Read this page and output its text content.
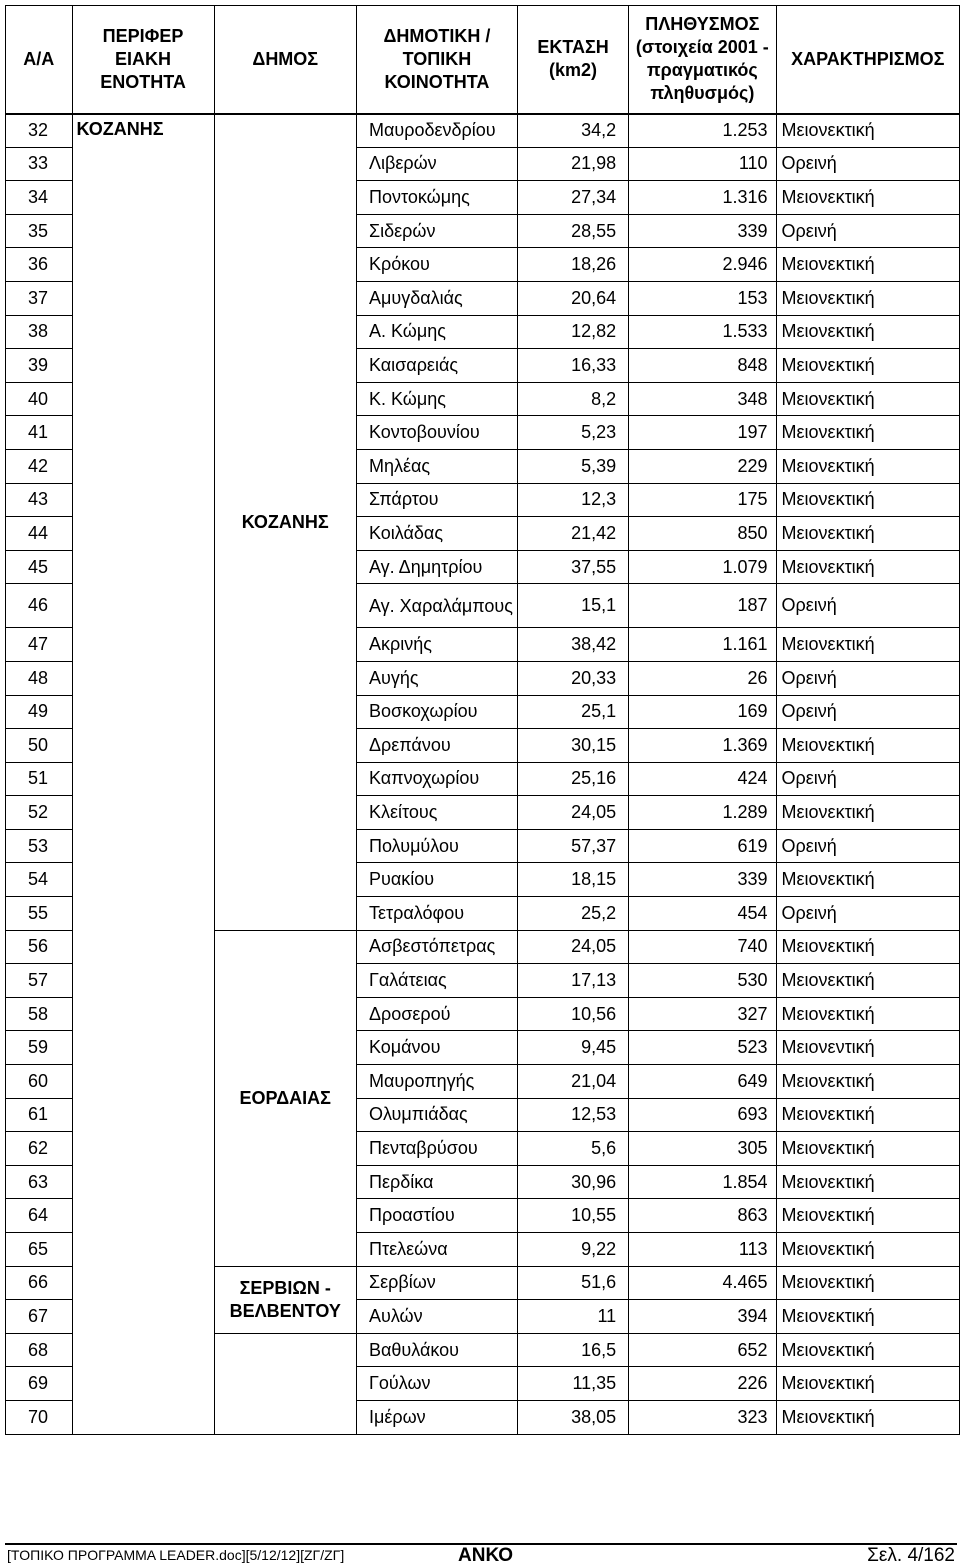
Α/Α	ΠΕΡΙΦΕΡ ΕΙΑΚΗ ΕΝΟΤΗΤΑ	ΔΗΜΟΣ	ΔΗΜΟΤΙΚΗ / ΤΟΠΙΚΗ ΚΟΙΝΟΤΗΤΑ	ΕΚΤΑΣΗ (km2)	ΠΛΗΘΥΣΜΟΣ (στοιχεία 2001 - πραγματικός πληθυσμός)	ΧΑΡΑΚΤΗΡΙΣΜΟΣ
32	ΚΟΖΑΝΗΣ	ΚΟΖΑΝΗΣ	Μαυροδενδρίου	34,2	1.253	Μειονεκτική
33			Λιβερών	21,98	110	Ορεινή
34			Ποντοκώμης	27,34	1.316	Μειονεκτική
35			Σιδερών	28,55	339	Ορεινή
36			Κρόκου	18,26	2.946	Μειονεκτική
37			Αμυγδαλιάς	20,64	153	Μειονεκτική
38			Α. Κώμης	12,82	1.533	Μειονεκτική
39			Καισαρειάς	16,33	848	Μειονεκτική
40			Κ. Κώμης	8,2	348	Μειονεκτική
41			Κοντοβουνίου	5,23	197	Μειονεκτική
42			Μηλέας	5,39	229	Μειονεκτική
43			Σπάρτου	12,3	175	Μειονεκτική
44			Κοιλάδας	21,42	850	Μειονεκτική
45			Αγ. Δημητρίου	37,55	1.079	Μειονεκτική
46			Αγ. Χαραλάμπους	15,1	187	Ορεινή
47			Ακρινής	38,42	1.161	Μειονεκτική
48			Αυγής	20,33	26	Ορεινή
49			Βοσκοχωρίου	25,1	169	Ορεινή
50			Δρεπάνου	30,15	1.369	Μειονεκτική
51			Καπνοχωρίου	25,16	424	Ορεινή
52			Κλείτους	24,05	1.289	Μειονεκτική
53			Πολυμύλου	57,37	619	Ορεινή
54			Ρυακίου	18,15	339	Μειονεκτική
55			Τετραλόφου	25,2	454	Ορεινή
56		ΕΟΡΔΑΙΑΣ	Ασβεστόπετρας	24,05	740	Μειονεκτική
57			Γαλάτειας	17,13	530	Μειονεκτική
58			Δροσερού	10,56	327	Μειονεκτική
59			Κομάνου	9,45	523	Μειονεντική
60			Μαυροπηγής	21,04	649	Μειονεκτική
61			Ολυμπιάδας	12,53	693	Μειονεκτική
62			Πενταβρύσου	5,6	305	Μειονεκτική
63			Περδίκα	30,96	1.854	Μειονεκτική
64			Προαστίου	10,55	863	Μειονεκτική
65			Πτελεώνα	9,22	113	Μειονεκτική
66		ΣΕΡΒΙΩΝ - ΒΕΛΒΕΝΤΟΥ	Σερβίων	51,6	4.465	Μειονεκτική
67			Αυλών	11	394	Μειονεκτική
68			Βαθυλάκου	16,5	652	Μειονεκτική
69			Γούλων	11,35	226	Μειονεκτική
70			Ιμέρων	38,05	323	Μειονεκτική
[ΤΟΠΙΚΟ ΠΡΟΓΡΑΜΜΑ LEADER.doc][5/12/12][ΖΓ/ΖΓ]	ΑΝΚΟ	Σελ. 4/162
